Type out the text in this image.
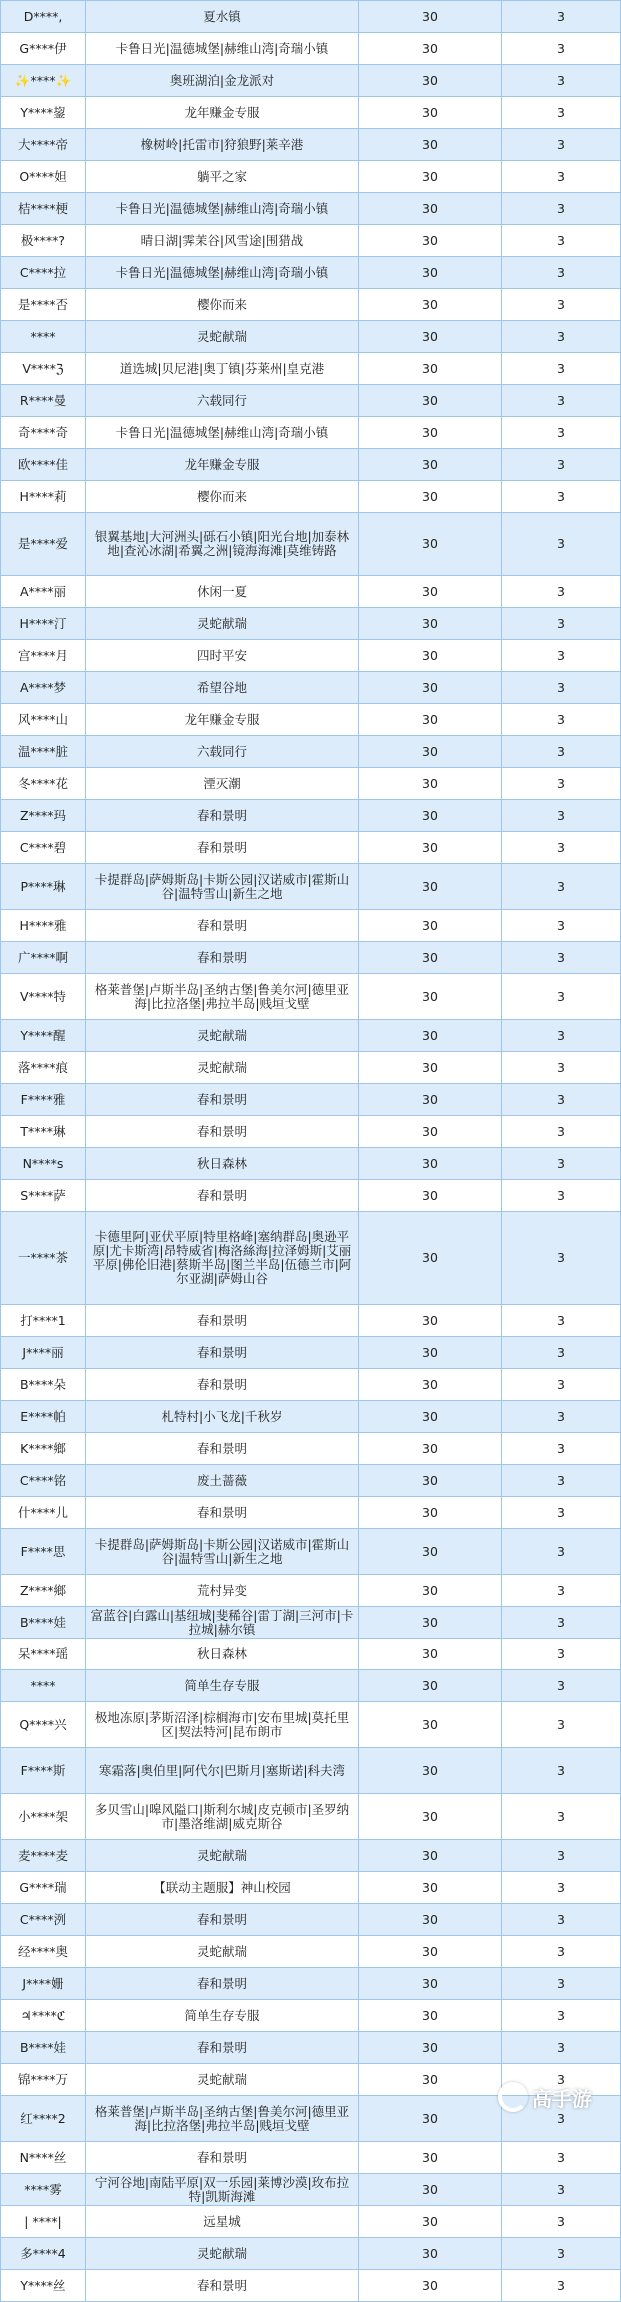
D****,	夏水镇	30	3
G****伊	卡鲁日光|温德城堡|赫维山湾|奇瑞小镇	30	3
✨****✨	奥班湖泊|金龙派对	30	3
Y****鋆	龙年赚金专服	30	3
大****帝	橡树岭|托雷市|狩狼野|莱辛港	30	3
O****妲	躺平之家	30	3
桔****梗	卡鲁日光|温德城堡|赫维山湾|奇瑞小镇	30	3
极****?	晴日湖|霁茉谷|风雪途|围猎战	30	3
C****拉	卡鲁日光|温德城堡|赫维山湾|奇瑞小镇	30	3
是****否	樱你而来	30	3
****	灵蛇献瑞	30	3
V****ℨ	道选城|贝尼港|奥丁镇|芬莱州|皇克港	30	3
R****曼	六载同行	30	3
奇****奇	卡鲁日光|温德城堡|赫维山湾|奇瑞小镇	30	3
欧****佳	龙年赚金专服	30	3
H****莉	樱你而来	30	3
是****爱	银翼基地|大河洲头|砾石小镇|阳光台地|加泰林地|查沁冰湖|希翼之洲|镜海海滩|莫维铸路	30	3
A****丽	休闲一夏	30	3
H****汀	灵蛇献瑞	30	3
宫****月	四时平安	30	3
A****梦	希望谷地	30	3
风****山	龙年赚金专服	30	3
温****脏	六载同行	30	3
冬****花	湮灭潮	30	3
Z****玛	春和景明	30	3
C****碧	春和景明	30	3
P****琳	卡提群岛|萨姆斯岛|卡斯公园|汉诺威市|霍斯山谷|温特雪山|新生之地	30	3
H****雅	春和景明	30	3
广****啊	春和景明	30	3
V****特	格莱普堡|卢斯半岛|圣纳古堡|鲁美尔河|德里亚海|比拉洛堡|弗拉半岛|贱垣戈壁	30	3
Y****醒	灵蛇献瑞	30	3
落****痕	灵蛇献瑞	30	3
F****雅	春和景明	30	3
T****琳	春和景明	30	3
N****s	秋日森林	30	3
S****萨	春和景明	30	3
一****茶	卡德里阿|亚伏平原|特里格峰|塞纳群岛|奥逊平原|尤卡斯湾|昂特威省|梅洛絲海|拉泽姆斯|艾丽平原|佛伦旧港|蔡斯半岛|图兰半岛|伍德兰市|阿尔亚湖|萨姆山谷	30	3
打****1	春和景明	30	3
J****丽	春和景明	30	3
B****朵	春和景明	30	3
E****帕	札特村|小飞龙|千秋岁	30	3
K****鄉	春和景明	30	3
C****铭	废土蔷薇	30	3
什****儿	春和景明	30	3
F****思	卡提群岛|萨姆斯岛|卡斯公园|汉诺威市|霍斯山谷|温特雪山|新生之地	30	3
Z****鄉	荒村异变	30	3
B****娃	富蓝谷|白露山|基纽城|斐稀谷|雷丁湖|三河市|卡拉城|赫尔镇	30	3
呆****瑶	秋日森林	30	3
****	简单生存专服	30	3
Q****兴	极地冻原|茅斯沼泽|棕榈海市|安布里城|莫托里区|契法特河|昆布朗市	30	3
F****斯	寒霜落|奥伯里|阿代尔|巴斯月|塞斯诺|科夫湾	30	3
小****架	多贝雪山|嗥风隘口|斯利尔城|皮克顿市|圣罗纳市|墨洛维湖|威克斯谷	30	3
麦****麦	灵蛇献瑞	30	3
G****瑞	【联动主题服】神山校园	30	3
C****洌	春和景明	30	3
经****奥	灵蛇献瑞	30	3
J****姗	春和景明	30	3
♃****ℭ	简单生存专服	30	3
B****娃	春和景明	30	3
锦****万	灵蛇献瑞	30	3
红****2	格莱普堡|卢斯半岛|圣纳古堡|鲁美尔河|德里亚海|比拉洛堡|弗拉半岛|贱垣戈壁	30	3
N****丝	春和景明	30	3
****雾	宁河谷地|南陆平原|双一乐园|莱博沙漠|玫布拉特|凯斯海滩	30	3
| ****|	远星城	30	3
多****4	灵蛇献瑞	30	3
Y****丝	春和景明	30	3
高手游
